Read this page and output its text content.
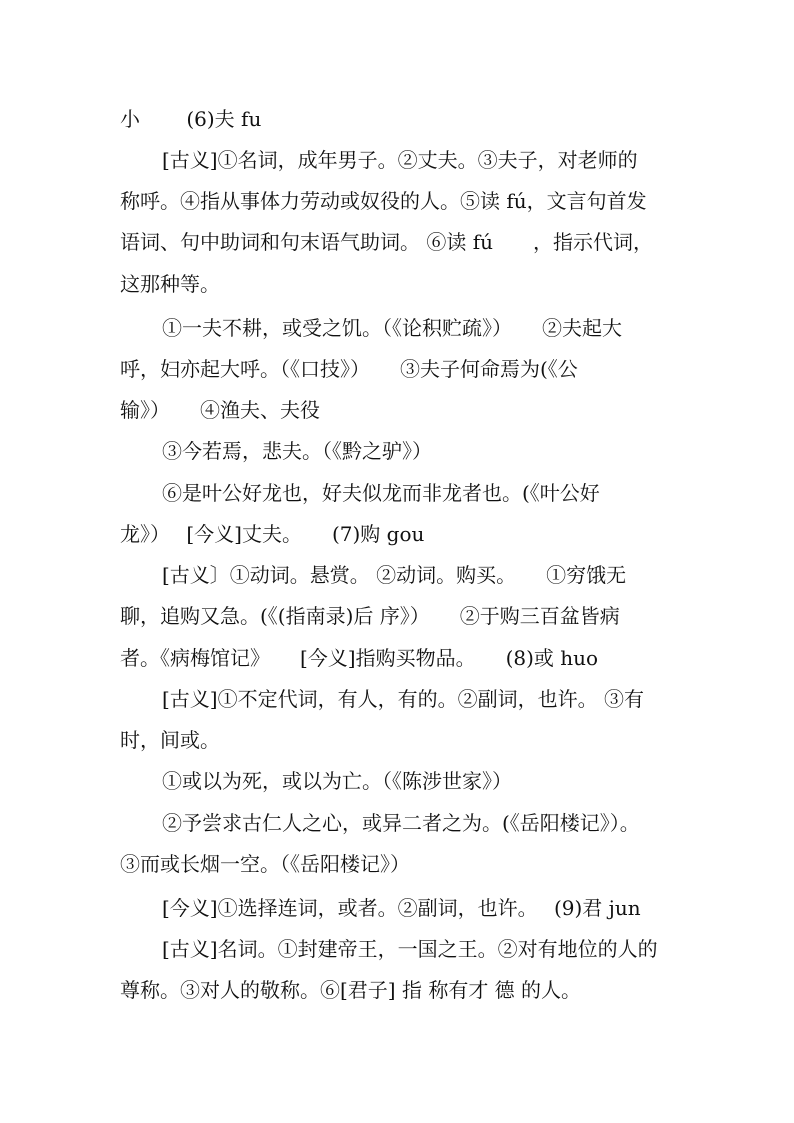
小　　 (6)夫 fu
[古义]①名词，成年男子。②丈夫。③夫子，对老师的
称呼。④指从事体力劳动或奴役的人。⑤读 fú，文言句首发
语词、句中助词和句末语气助词。 ⑥读 fú　　，指示代词，
这那种等。
①一夫不耕，或受之饥。（《论积贮疏》）　　②夫起大
呼，妇亦起大呼。（《口技》）　　③夫子何命焉为(《公
输》）　　④渔夫、夫役
③今若焉，悲夫。（《黔之驴》）
⑥是叶公好龙也，好夫似龙而非龙者也。(《叶公好
龙》）　 [今义]丈夫。　　(7)购 gou
[古义〕①动词。悬赏。 ②动词。购买。　　①穷饿无
聊，追购又急。(《(指南录)后 序》）　　②于购三百盆皆病
者。《病梅馆记》　　[今义]指购买物品。　　(8)或 huo
[古义]①不定代词，有人，有的。②副词，也许。 ③有
时，间或。
①或以为死，或以为亡。（《陈涉世家》）
②予尝求古仁人之心，或异二者之为。(《岳阳楼记》）。
③而或长烟一空。（《岳阳楼记》）
[今义]①选择连词，或者。②副词，也许。　 (9)君 jun
[古义]名词。①封建帝王，一国之王。②对有地位的人的
尊称。③对人的敬称。⑥[君子] 指 称有才 德 的人。
